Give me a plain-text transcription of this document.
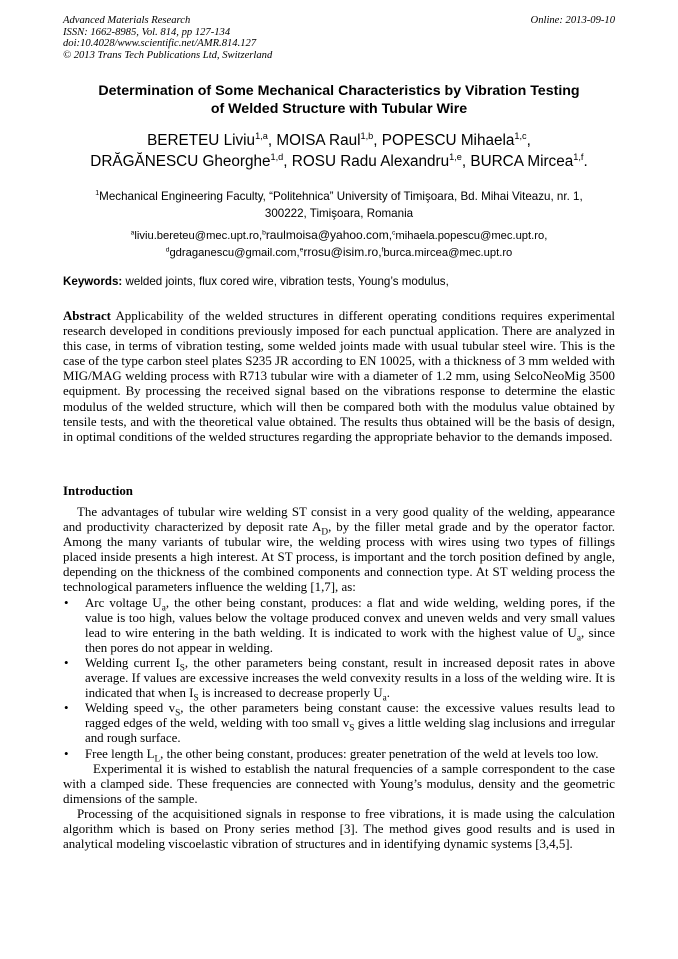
Advanced Materials Research
ISSN: 1662-8985, Vol. 814, pp 127-134
doi:10.4028/www.scientific.net/AMR.814.127
© 2013 Trans Tech Publications Ltd, Switzerland
Online: 2013-09-10
Determination of Some Mechanical Characteristics by Vibration Testing
of Welded Structure with Tubular Wire
BERETEU Liviu$^{1,a}$, MOISA Raul$^{1,b}$, POPESCU Mihaela$^{1,c}$,
DRĂGĂNESCU Gheorghe$^{1,d}$, ROSU Radu Alexandru$^{1,e}$, BURCA Mircea$^{1,f}$.
$^1$Mechanical Engineering Faculty, “Politehnica” University of Timişoara, Bd. Mihai Viteazu, nr. 1,
300222, Timişoara, Romania
$^a$liviu.bereteu@mec.upt.ro,$^b$raulmoisa@yahoo.com,$^c$mihaela.popescu@mec.upt.ro,
$^d$gdraganescu@gmail.com,$^e$rrosu@isim.ro,$^f$burca.mircea@mec.upt.ro
Keywords: welded joints, flux cored wire, vibration tests, Young’s modulus,
Abstract Applicability of the welded structures in different operating conditions requires experimental research developed in conditions previously imposed for each punctual application. There are analyzed in this case, in terms of vibration testing, some welded joints made with usual tubular steel wire. This is the case of the type carbon steel plates S235 JR according to EN 10025, with a thickness of 3 mm welded with MIG/MAG welding process with R713 tubular wire with a diameter of 1.2 mm, using SelcoNeoMig 3500 equipment. By processing the received signal based on the vibrations response to determine the elastic modulus of the welded structure, which will then be compared both with the modulus value obtained by tensile tests, and with the theoretical value obtained. The results thus obtained will be the basis of design, in optimal conditions of the welded structures regarding the appropriate behavior to the demands imposed.
Introduction

The advantages of tubular wire welding ST consist in a very good quality of the welding, appearance and productivity characterized by deposit rate $A_D$, by the filler metal grade and by the operator factor. Among the many variants of tubular wire, the welding process with wires using two types of fillings placed inside presents a high interest. At ST process, is important and the torch position defined by angle, depending on the thickness of the combined components and connection type. At ST welding process the technological parameters influence the welding [1,7], as:

• Arc voltage $U_a$, the other being constant, produces: a flat and wide welding, welding pores, if the value is too high, values below the voltage produced convex and uneven welds and very small values lead to wire entering in the bath welding. It is indicated to work with the highest value of $U_a$, since then pores do not appear in welding.
• Welding current $I_S$, the other parameters being constant, result in increased deposit rates in above average. If values are excessive increases the weld convexity results in a loss of the welding wire. It is indicated that when $I_S$ is increased to decrease properly $U_a$.
• Welding speed $v_S$, the other parameters being constant cause: the excessive values results lead to ragged edges of the weld, welding with too small $v_S$ gives a little welding slag inclusions and irregular and rough surface.
• Free length $L_L$, the other being constant, produces: greater penetration of the weld at levels too low.

Experimental it is wished to establish the natural frequencies of a sample correspondent to the case with a clamped side. These frequencies are connected with Young’s modulus, density and the geometric dimensions of the sample.

Processing of the acquisitioned signals in response to free vibrations, it is made using the calculation algorithm which is based on Prony series method [3]. The method gives good results and is used in analytical modeling viscoelastic vibration of structures and in identifying dynamic systems [3,4,5].
